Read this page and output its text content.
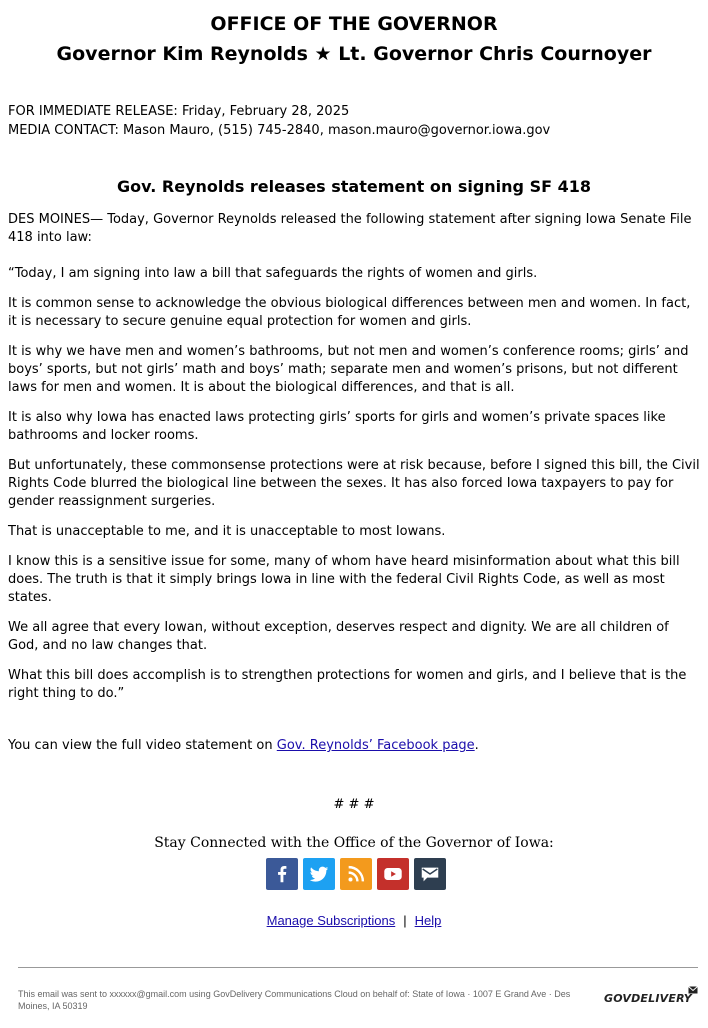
OFFICE OF THE GOVERNOR
Governor Kim Reynolds ★ Lt. Governor Chris Cournoyer
FOR IMMEDIATE RELEASE: Friday, February 28, 2025
MEDIA CONTACT: Mason Mauro, (515) 745-2840, mason.mauro@governor.iowa.gov
Gov. Reynolds releases statement on signing SF 418

DES MOINES— Today, Governor Reynolds released the following statement after signing Iowa Senate File 418 into law:

“Today, I am signing into law a bill that safeguards the rights of women and girls.

It is common sense to acknowledge the obvious biological differences between men and women. In fact, it is necessary to secure genuine equal protection for women and girls.

It is why we have men and women’s bathrooms, but not men and women’s conference rooms; girls’ and boys’ sports, but not girls’ math and boys’ math; separate men and women’s prisons, but not different laws for men and women. It is about the biological differences, and that is all.

It is also why Iowa has enacted laws protecting girls’ sports for girls and women’s private spaces like bathrooms and locker rooms.

But unfortunately, these commonsense protections were at risk because, before I signed this bill, the Civil Rights Code blurred the biological line between the sexes. It has also forced Iowa taxpayers to pay for gender reassignment surgeries.

That is unacceptable to me, and it is unacceptable to most Iowans.

I know this is a sensitive issue for some, many of whom have heard misinformation about what this bill does. The truth is that it simply brings Iowa in line with the federal Civil Rights Code, as well as most states.

We all agree that every Iowan, without exception, deserves respect and dignity. We are all children of God, and no law changes that.

What this bill does accomplish is to strengthen protections for women and girls, and I believe that is the right thing to do.”

You can view the full video statement on Gov. Reynolds’ Facebook page.
# # #
Stay Connected with the Office of the Governor of Iowa:
Manage Subscriptions | Help
This email was sent to xxxxxx@gmail.com using GovDelivery Communications Cloud on behalf of: State of Iowa · 1007 E Grand Ave · Des Moines, IA 50319
GOVDELIVERY
